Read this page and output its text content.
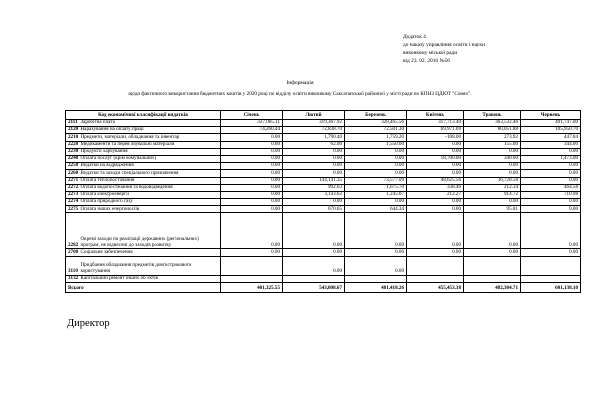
Додаток 4
до наказу управління освіти і науки
виконкому міської ради
від 23. 02. 2016 №56
Інформація
щодо фактичного використання бюджетних коштів у 2020 році по відділу освіти виконкому Саксаганської районної у місті ради по КПНЗ ЦДЮТ "Сонях".
Код економічної класифікації видатків		Січень	Лютий	Березень	Квітень	Травень	Червень
2111	Заробітна плата	327,065.11	319,367.92	328,465.56	317,713.40	363,532.46	491,747.00
2120	Нарахування на оплату праці	74,260.44	72,838.70	72,501.30	69,971.69	80,051.88	105,950.70
2210	Предмети, матеріали, обладнання та інвентар	0.00	1,790.40	1,759.20	-108.00	273.92	447.84
2220	Медикаменти та перев`язувальні матеріали	0.00	62.00	1,550.00	0.00	155.00	344.00
2230	Продукти харчування	0.00	0.00	0.00	0.00	0.00	0.00
2240	Оплата послуг (крім комунальних)	0.00	0.00	0.00	18,700.00	340.00	1,473.00
2250	Видатки на відрядження	0.00	0.00	0.00	0.00	0.00	0.00
2260	Видатки та заходи спеціального призначення	0.00	0.00	0.00	0.00	0.00	0.00
2271	Оплата теплопостачання	0.00	144,141.35	73,577.09	48,625.56	36,728.58	0.00
2272	Оплата водопостачання та водовідведення	0.00	992.03	1,675.70	338.46	212.34	464.58
2273	Оплата електроенергії	0.00	3,143.62	1,245.07	212.27	914.72	710.98
2274	Оплата природного газу	0.00	0.00	0.00	0.00	0.00	0.00
2275	Оплата інших енергоносіїв	0.00	670.65	644.34	0.00	95.81	0.00
2282	Окремі заходи по реалізації державних (регіональних) програм, не віднесені до заходів розвитку	0.00	0.00	0.00	0.00	0.00	0.00
2700	Соціальне забезпечення	0.00	0.00	0.00	0.00	0.00	0.00
3110	Придбання обладнання предметів довгострокового користування		0.00	0.00			
3132	Капітальний ремонт інших об`єктів						
Всього		401,325.55	543,008.67	481,418.26	455,453.38	482,304.71	601,138.10
Директор
